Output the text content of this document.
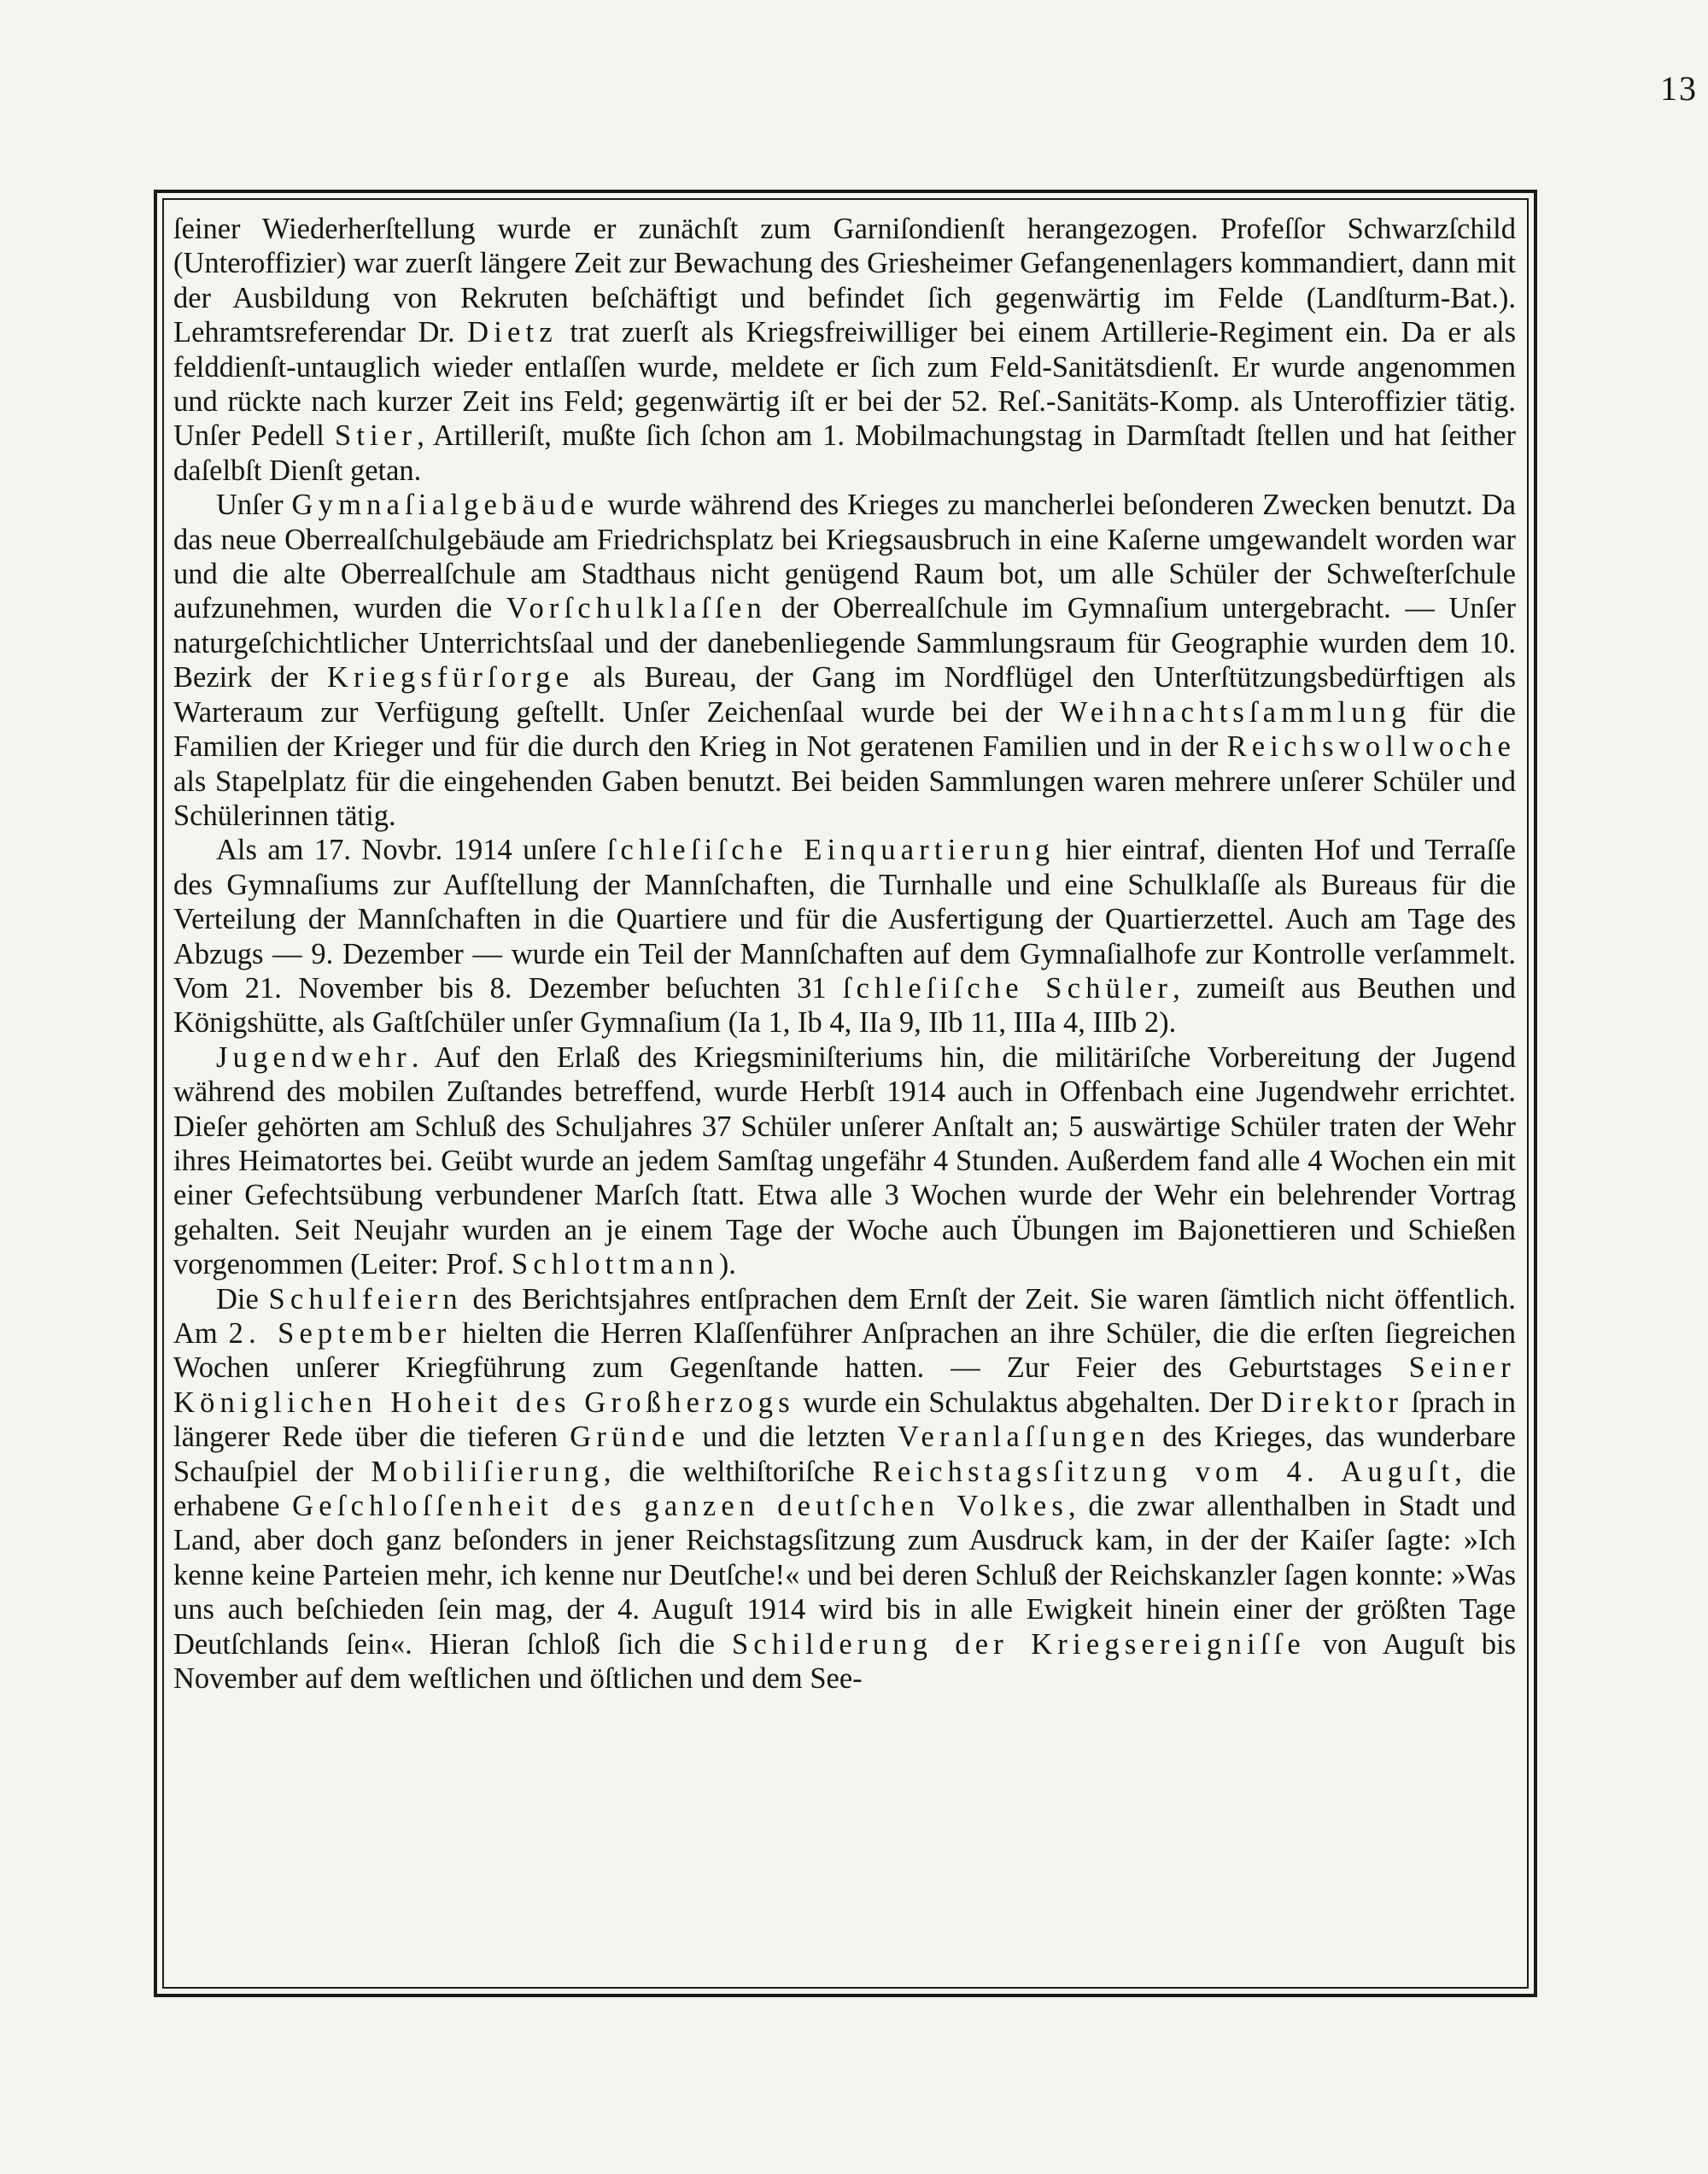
13

ſeiner Wiederherſtellung wurde er zunächſt zum Garniſondienſt herangezogen. Profeſſor Schwarzſchild (Unteroffizier) war zuerſt längere Zeit zur Bewachung des Griesheimer Gefangenenlagers kommandiert, dann mit der Ausbildung von Rekruten beſchäftigt und befindet ſich gegenwärtig im Felde (Landſturm-Bat.). Lehramtsreferendar Dr. Dietz trat zuerſt als Kriegsfreiwilliger bei einem Artillerie-Regiment ein. Da er als felddienſt-untauglich wieder entlaſſen wurde, meldete er ſich zum Feld-Sanitätsdienſt. Er wurde angenommen und rückte nach kurzer Zeit ins Feld; gegenwärtig iſt er bei der 52. Reſ.-Sanitäts-Komp. als Unteroffizier tätig. Unſer Pedell Stier, Artilleriſt, mußte ſich ſchon am 1. Mobilmachungstag in Darmſtadt ſtellen und hat ſeither daſelbſt Dienſt getan.

Unſer Gymnaſialgebäude wurde während des Krieges zu mancherlei beſonderen Zwecken benutzt. Da das neue Oberrealſchulgebäude am Friedrichsplatz bei Kriegsausbruch in eine Kaſerne umgewandelt worden war und die alte Oberrealſchule am Stadthaus nicht genügend Raum bot, um alle Schüler der Schweſterſchule aufzunehmen, wurden die Vorſchulklaſſen der Oberrealſchule im Gymnaſium untergebracht. — Unſer naturgeſchichtlicher Unterrichtsſaal und der danebenliegende Sammlungsraum für Geographie wurden dem 10. Bezirk der Kriegsfürſorge als Bureau, der Gang im Nordflügel den Unterſtützungsbedürftigen als Warteraum zur Verfügung geſtellt. Unſer Zeichenſaal wurde bei der Weihnachtsſammlung für die Familien der Krieger und für die durch den Krieg in Not geratenen Familien und in der Reichswollwoche als Stapelplatz für die eingehenden Gaben benutzt. Bei beiden Sammlungen waren mehrere unſerer Schüler und Schülerinnen tätig.

Als am 17. Novbr. 1914 unſere ſchleſiſche Einquartierung hier eintraf, dienten Hof und Terraſſe des Gymnaſiums zur Aufſtellung der Mannſchaften, die Turnhalle und eine Schulklaſſe als Bureaus für die Verteilung der Mannſchaften in die Quartiere und für die Ausfertigung der Quartierzettel. Auch am Tage des Abzugs — 9. Dezember — wurde ein Teil der Mannſchaften auf dem Gymnaſialhofe zur Kontrolle verſammelt. Vom 21. November bis 8. Dezember beſuchten 31 ſchleſiſche Schüler, zumeiſt aus Beuthen und Königshütte, als Gaſtſchüler unſer Gymnaſium (Ia 1, Ib 4, IIa 9, IIb 11, IIIa 4, IIIb 2).

Jugendwehr. Auf den Erlaß des Kriegsminiſteriums hin, die militäriſche Vorbereitung der Jugend während des mobilen Zuſtandes betreffend, wurde Herbſt 1914 auch in Offenbach eine Jugendwehr errichtet. Dieſer gehörten am Schluß des Schuljahres 37 Schüler unſerer Anſtalt an; 5 auswärtige Schüler traten der Wehr ihres Heimatortes bei. Geübt wurde an jedem Samſtag ungefähr 4 Stunden. Außerdem fand alle 4 Wochen ein mit einer Gefechtsübung verbundener Marſch ſtatt. Etwa alle 3 Wochen wurde der Wehr ein belehrender Vortrag gehalten. Seit Neujahr wurden an je einem Tage der Woche auch Übungen im Bajonettieren und Schießen vorgenommen (Leiter: Prof. Schlottmann).

Die Schulfeiern des Berichtsjahres entſprachen dem Ernſt der Zeit. Sie waren ſämtlich nicht öffentlich. Am 2. September hielten die Herren Klaſſenführer Anſprachen an ihre Schüler, die die erſten ſiegreichen Wochen unſerer Kriegführung zum Gegenſtande hatten. — Zur Feier des Geburtstages Seiner Königlichen Hoheit des Großherzogs wurde ein Schulaktus abgehalten. Der Direktor ſprach in längerer Rede über die tieferen Gründe und die letzten Veranlaſſungen des Krieges, das wunderbare Schauſpiel der Mobiliſierung, die welthiſtoriſche Reichstagsſitzung vom 4. Auguſt, die erhabene Geſchloſſenheit des ganzen deutſchen Volkes, die zwar allenthalben in Stadt und Land, aber doch ganz beſonders in jener Reichstagsſitzung zum Ausdruck kam, in der der Kaiſer ſagte: »Ich kenne keine Parteien mehr, ich kenne nur Deutſche!« und bei deren Schluß der Reichskanzler ſagen konnte: »Was uns auch beſchieden ſein mag, der 4. Auguſt 1914 wird bis in alle Ewigkeit hinein einer der größten Tage Deutſchlands ſein«. Hieran ſchloß ſich die Schilderung der Kriegsereigniſſe von Auguſt bis November auf dem weſtlichen und öſtlichen und dem See-
